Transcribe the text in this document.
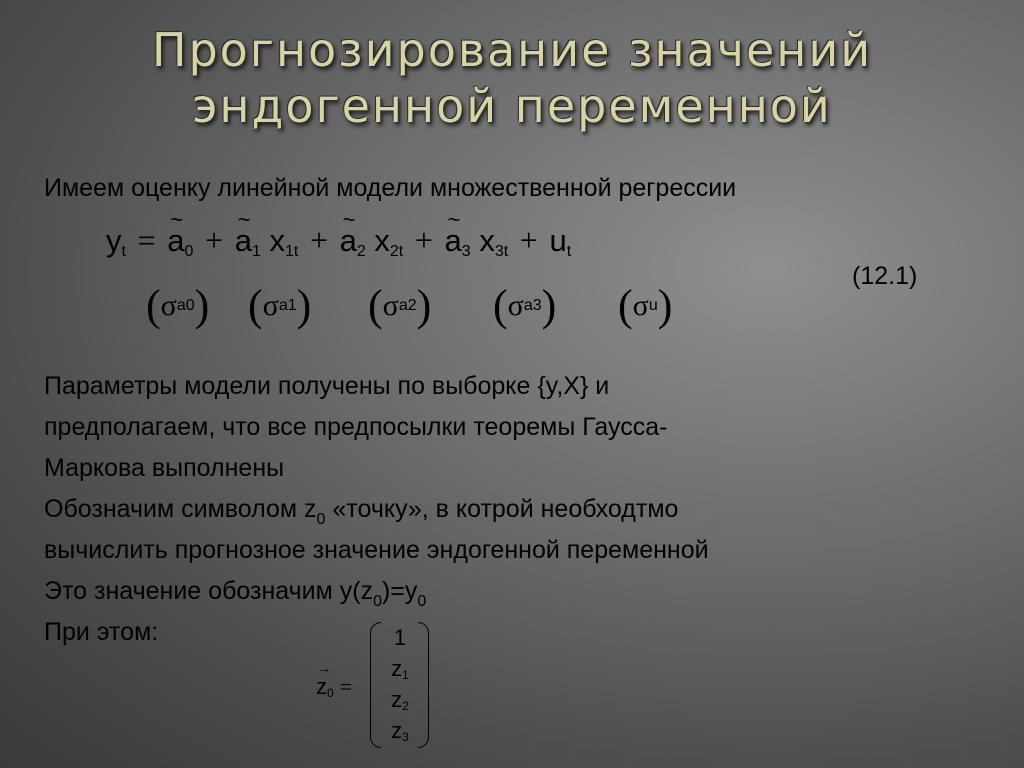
Прогнозирование значений
эндогенной переменной
Имеем оценку линейной модели множественной регрессии
$y_t$ = ~ $a_0$ + ~ $a_1$ $x_{1t}$ + ~ $a_2$ $x_{2t}$ + ~ $a_3$ $x_{3t} + u_t$
(12.1)
( σ a0 ) ( σ a1 ) ( σ a2 ) ( σ a3 ) ( σ u )
Параметры модели получены по выборке {y,X} и
предполагаем, что все предпосылки теоремы Гаусса-
Маркова выполнены
Обозначим символом $z_0$ «точку», в котрой необходтмо
вычислить прогнозное значение эндогенной переменной
Это значение обозначим $y(z_0)=y_0$
При этом:
→
$z_0$ =
1
$z_1$
$z_2$
$z_3$
